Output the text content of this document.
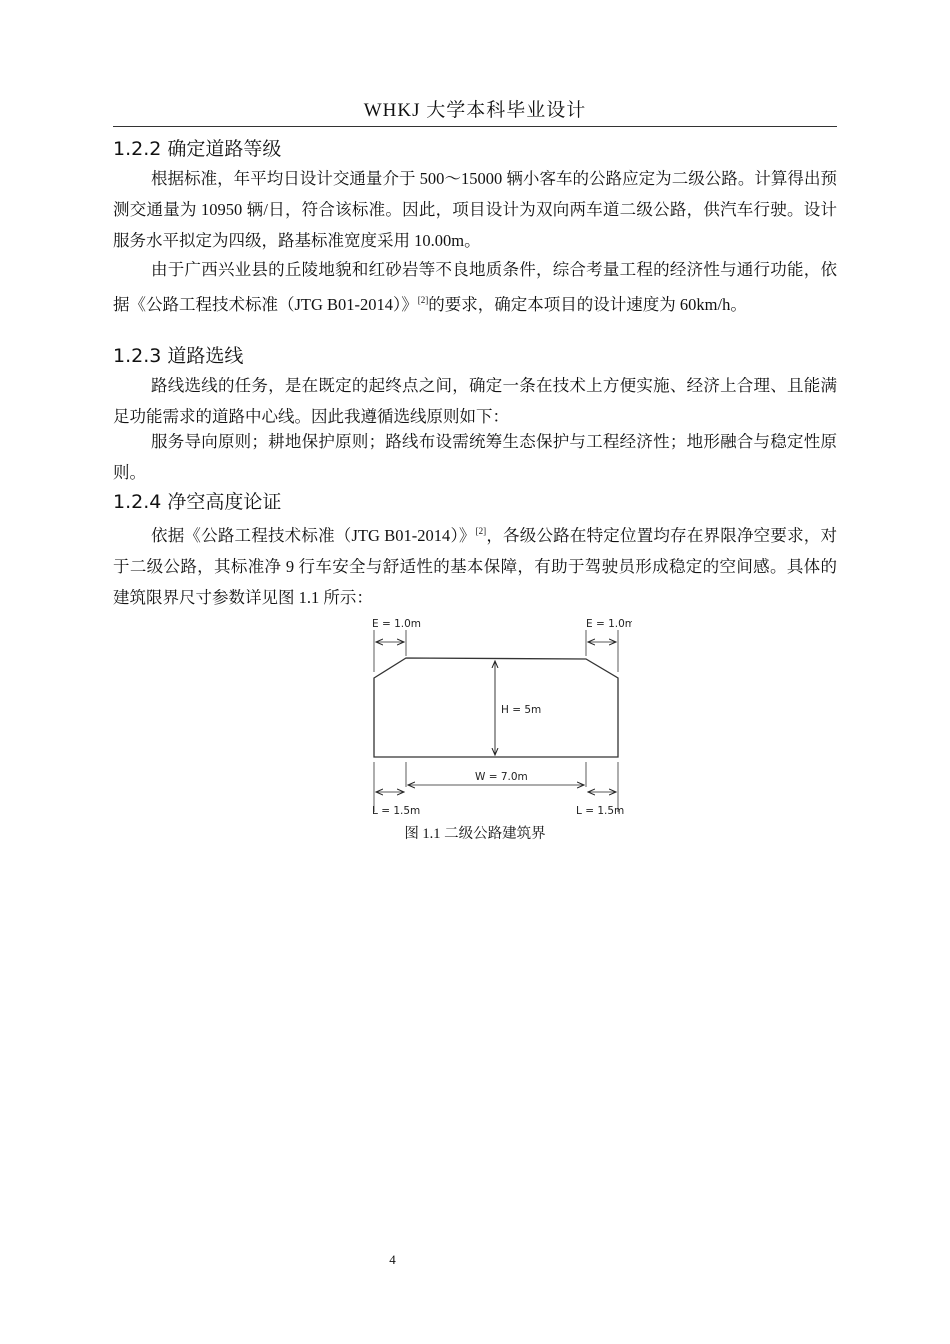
WHKJ 大学本科毕业设计
1.2.2 确定道路等级
根据标准，年平均日设计交通量介于 500～15000 辆小客车的公路应定为二级公路。计算得出预测交通量为 10950 辆/日，符合该标准。因此，项目设计为双向两车道二级公路，供汽车行驶。设计服务水平拟定为四级，路基标准宽度采用 10.00m。
由于广西兴业县的丘陵地貌和红砂岩等不良地质条件，综合考量工程的经济性与通行功能，依据《公路工程技术标准（JTG B01-2014）》[2]的要求，确定本项目的设计速度为 60km/h。
1.2.3 道路选线
路线选线的任务，是在既定的起终点之间，确定一条在技术上方便实施、经济上合理、且能满足功能需求的道路中心线。因此我遵循选线原则如下：
服务导向原则；耕地保护原则；路线布设需统筹生态保护与工程经济性；地形融合与稳定性原则。
1.2.4 净空高度论证
依据《公路工程技术标准（JTG B01-2014）》[2]，各级公路在特定位置均存在界限净空要求，对于二级公路，其标准净 9 行车安全与舒适性的基本保障，有助于驾驶员形成稳定的空间感。具体的建筑限界尺寸参数详见图 1.1 所示：
E = 1.0m	E = 1.0m
H = 5m
W = 7.0m
L = 1.5m	L = 1.5m
图 1.1 二级公路建筑界
4
